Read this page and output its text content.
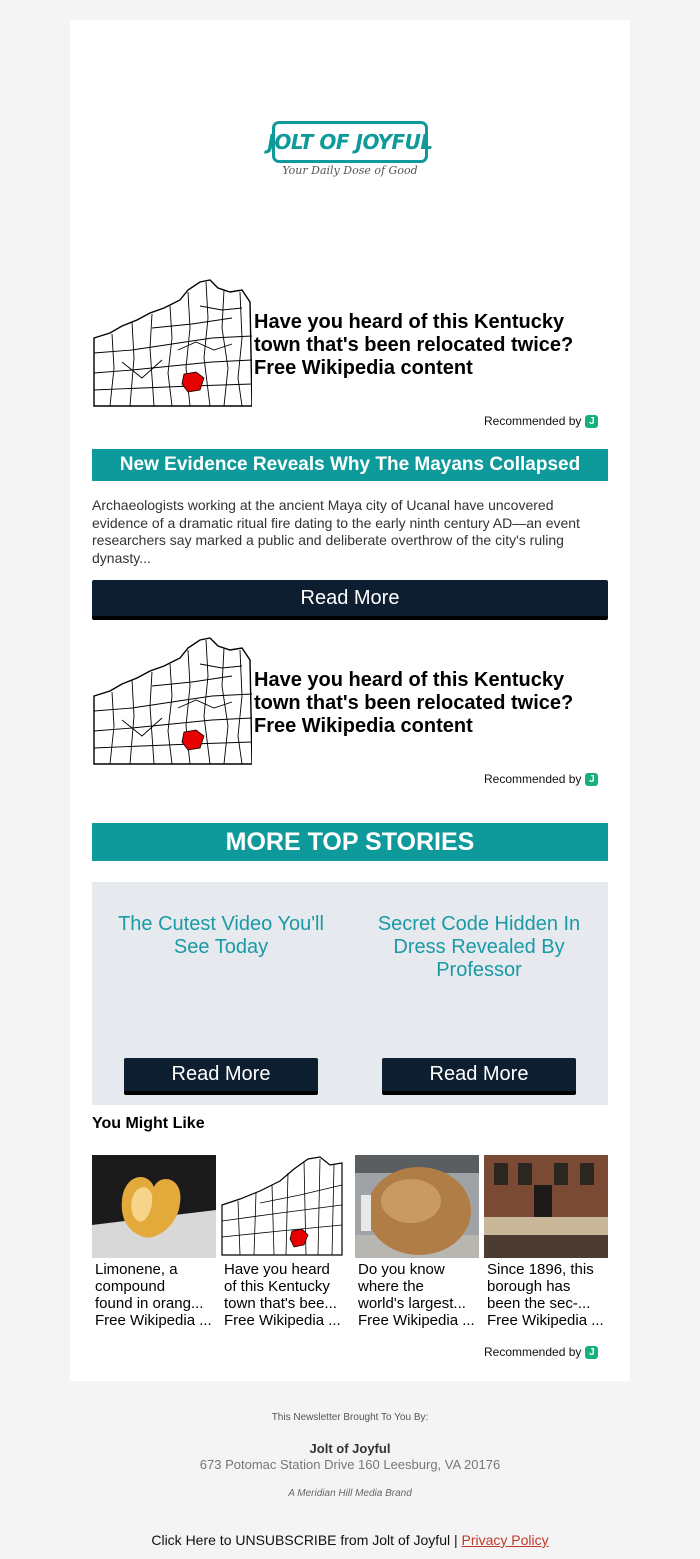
JOLT OF JOYFUL
Your Daily Dose of Good
Have you heard of this Kentucky
town that's been relocated twice?
Free Wikipedia content
Recommended by J
New Evidence Reveals Why The Mayans Collapsed
Archaeologists working at the ancient Maya city of Ucanal have uncovered evidence of a dramatic ritual fire dating to the early ninth century AD—an event researchers say marked a public and deliberate overthrow of the city's ruling dynasty...
Read More
Have you heard of this Kentucky
town that's been relocated twice?
Free Wikipedia content
Recommended by J
MORE TOP STORIES
The Cutest Video You'll See Today
Secret Code Hidden In Dress Revealed By Professor
Read More	Read More
You Might Like
Limonene, a
compound
found in orang...
Free Wikipedia ...
Have you heard
of this Kentucky
town that's bee...
Free Wikipedia ...
Do you know
where the
world's largest...
Free Wikipedia ...
Since 1896, this
borough has
been the sec-...
Free Wikipedia ...
Recommended by J
This Newsletter Brought To You By:
Jolt of Joyful
673 Potomac Station Drive 160 Leesburg, VA 20176
A Meridian Hill Media Brand
Click Here to UNSUBSCRIBE from Jolt of Joyful | Privacy Policy
